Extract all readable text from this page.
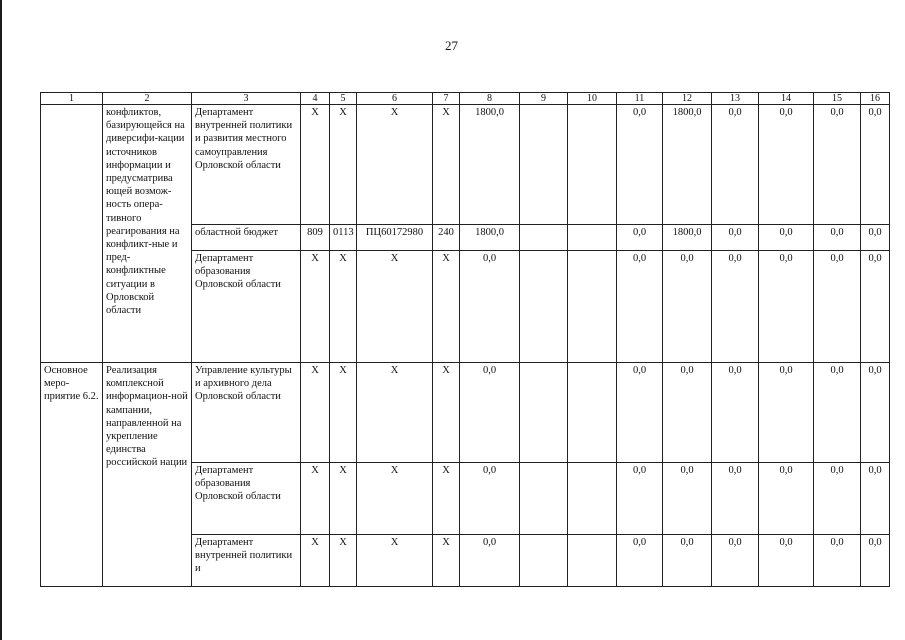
27
1	2	3	4	5	6	7	8	9	10	11	12	13	14	15	16
	конфликтов, базирующейся на диверсифи-кации источников информации и предусматрива ющей возмож-ность опера-тивного реагирования на конфликт-ные и пред-конфликтные ситуации в Орловской области	Департамент внутренней политики и развития местного самоуправления Орловской области	Х	Х	Х	Х	1800,0			0,0	1800,0	0,0	0,0	0,0	0,0
		областной бюджет	809	0113	ПЦ60172980	240	1800,0			0,0	1800,0	0,0	0,0	0,0	0,0
		Департамент образования Орловской области	Х	Х	Х	Х	0,0			0,0	0,0	0,0	0,0	0,0	0,0
Основное меро-приятие 6.2.	Реализация комплексной информацион-ной кампании, направленной на укрепление единства российской нации	Управление культуры и архивного дела Орловской области	Х	Х	Х	Х	0,0			0,0	0,0	0,0	0,0	0,0	0,0
		Департамент образования Орловской области	Х	Х	Х	Х	0,0			0,0	0,0	0,0	0,0	0,0	0,0
		Департамент внутренней политики и	Х	Х	Х	Х	0,0			0,0	0,0	0,0	0,0	0,0	0,0
